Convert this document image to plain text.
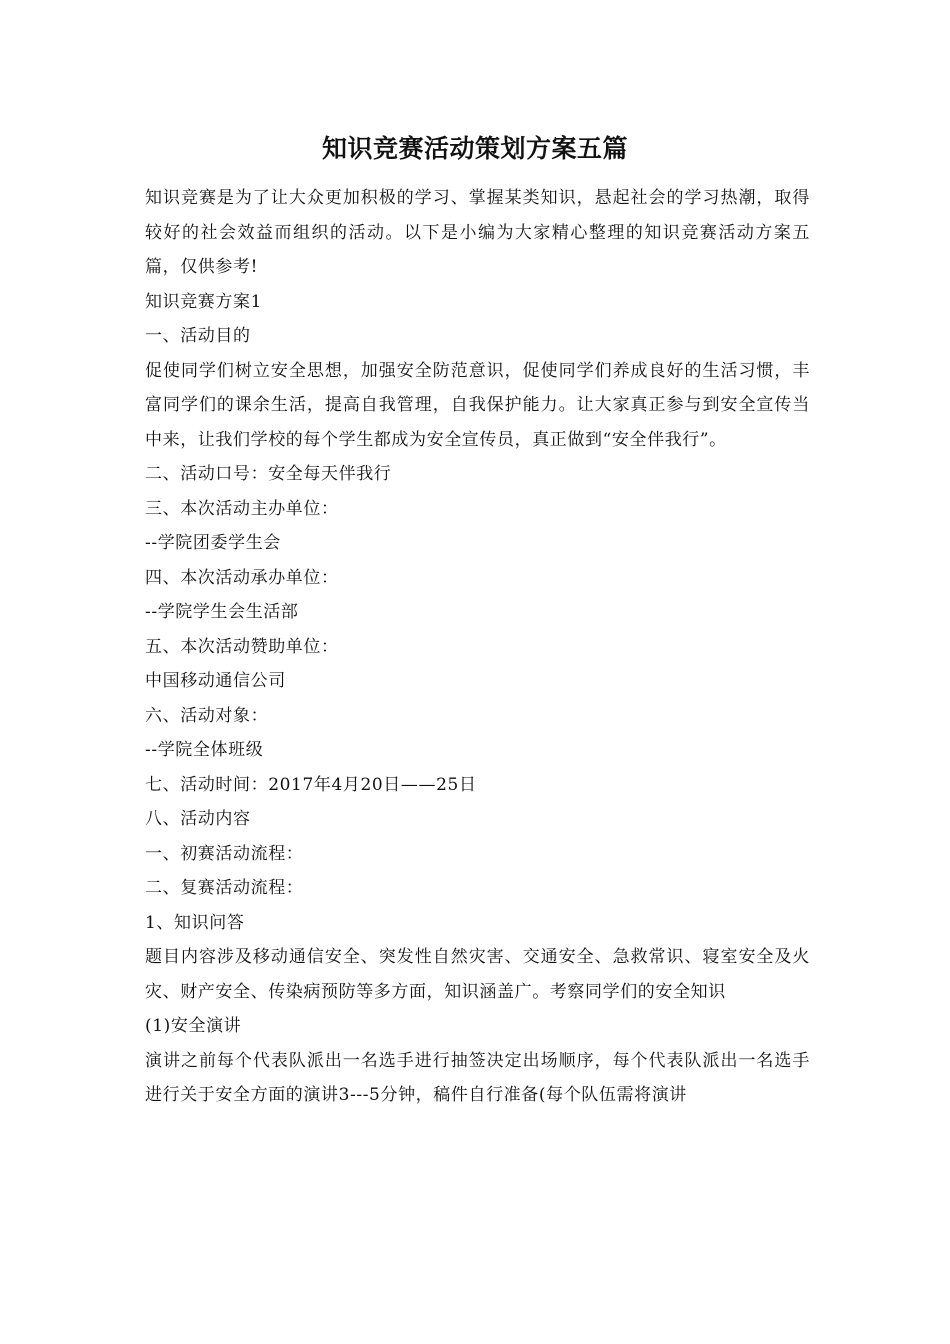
知识竞赛活动策划方案五篇

知识竞赛是为了让大众更加积极的学习、掌握某类知识，悬起社会的学习热潮，取得较好的社会效益而组织的活动。以下是小编为大家精心整理的知识竞赛活动方案五篇，仅供参考!

知识竞赛方案1

一、活动目的

促使同学们树立安全思想，加强安全防范意识，促使同学们养成良好的生活习惯，丰富同学们的课余生活，提高自我管理，自我保护能力。让大家真正参与到安全宣传当中来，让我们学校的每个学生都成为安全宣传员，真正做到“安全伴我行”。

二、活动口号：安全每天伴我行

三、本次活动主办单位：

--学院团委学生会

四、本次活动承办单位：

--学院学生会生活部

五、本次活动赞助单位：

中国移动通信公司

六、活动对象：

--学院全体班级

七、活动时间：2017年4月20日——25日

八、活动内容

一、初赛活动流程：

二、复赛活动流程：

1、知识问答

题目内容涉及移动通信安全、突发性自然灾害、交通安全、急救常识、寝室安全及火灾、财产安全、传染病预防等多方面，知识涵盖广。考察同学们的安全知识

(1)安全演讲

演讲之前每个代表队派出一名选手进行抽签决定出场顺序，每个代表队派出一名选手进行关于安全方面的演讲3---5分钟，稿件自行准备(每个队伍需将演讲
